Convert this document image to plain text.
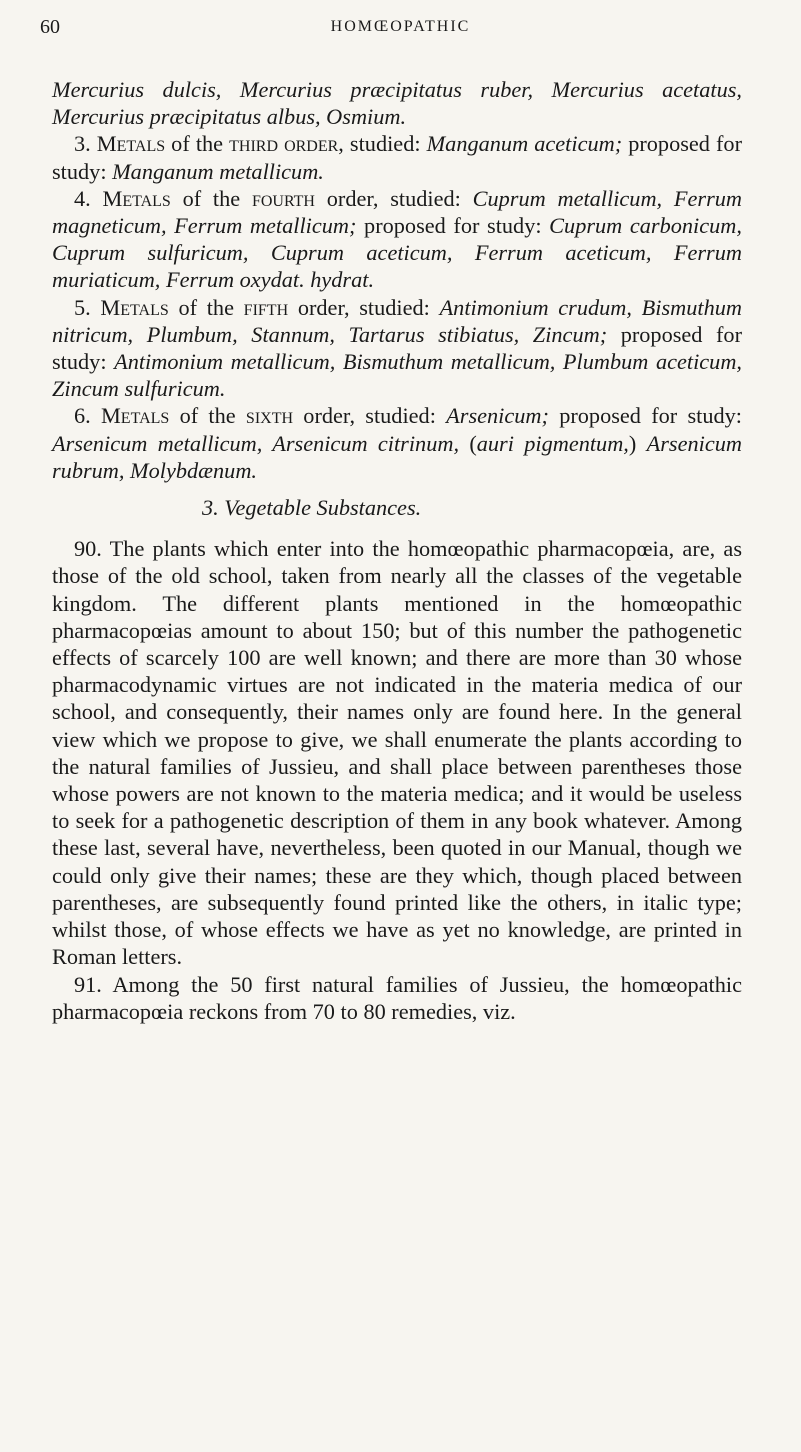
60	HOMŒOPATHIC

Mercurius dulcis, Mercurius præcipitatus ruber, Mercurius acetatus, Mercurius præcipitatus albus, Osmium.

3. Metals of the third order, studied: Manganum aceticum; proposed for study: Manganum metallicum.

4. Metals of the fourth order, studied: Cuprum metallicum, Ferrum magneticum, Ferrum metallicum; proposed for study: Cuprum carbonicum, Cuprum sulfuricum, Cuprum aceticum, Ferrum aceticum, Ferrum muriaticum, Ferrum oxydat. hydrat.

5. Metals of the fifth order, studied: Antimonium crudum, Bismuthum nitricum, Plumbum, Stannum, Tartarus stibiatus, Zincum; proposed for study: Antimonium metallicum, Bismuthum metallicum, Plumbum aceticum, Zincum sulfuricum.

6. Metals of the sixth order, studied: Arsenicum; proposed for study: Arsenicum metallicum, Arsenicum citrinum, (auri pigmentum,) Arsenicum rubrum, Molybdænum.

3. Vegetable Substances.

90. The plants which enter into the homœopathic pharmacopœia, are, as those of the old school, taken from nearly all the classes of the vegetable kingdom. The different plants mentioned in the homœopathic pharmacopœias amount to about 150; but of this number the pathogenetic effects of scarcely 100 are well known; and there are more than 30 whose pharmacodynamic virtues are not indicated in the materia medica of our school, and consequently, their names only are found here. In the general view which we propose to give, we shall enumerate the plants according to the natural families of Jussieu, and shall place between parentheses those whose powers are not known to the materia medica; and it would be useless to seek for a pathogenetic description of them in any book whatever. Among these last, several have, nevertheless, been quoted in our Manual, though we could only give their names; these are they which, though placed between parentheses, are subsequently found printed like the others, in italic type; whilst those, of whose effects we have as yet no knowledge, are printed in Roman letters.

91. Among the 50 first natural families of Jussieu, the homœopathic pharmacopœia reckons from 70 to 80 remedies, viz.
